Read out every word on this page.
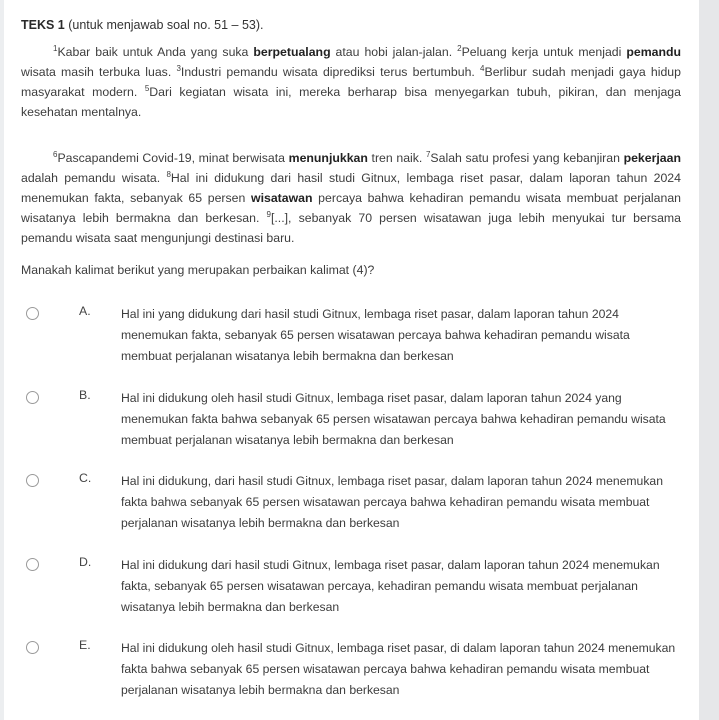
TEKS 1 (untuk menjawab soal no. 51 – 53).
$^1$Kabar baik untuk Anda yang suka berpetualang atau hobi jalan-jalan. $^2$Peluang kerja untuk menjadi pemandu wisata masih terbuka luas. $^3$Industri pemandu wisata diprediksi terus bertumbuh. $^4$Berlibur sudah menjadi gaya hidup masyarakat modern. $^5$Dari kegiatan wisata ini, mereka berharap bisa menyegarkan tubuh, pikiran, dan menjaga kesehatan mentalnya.
$^6$Pascapandemi Covid-19, minat berwisata menunjukkan tren naik. $^7$Salah satu profesi yang kebanjiran pekerjaan adalah pemandu wisata. $^8$Hal ini didukung dari hasil studi Gitnux, lembaga riset pasar, dalam laporan tahun 2024 menemukan fakta, sebanyak 65 persen wisatawan percaya bahwa kehadiran pemandu wisata membuat perjalanan wisatanya lebih bermakna dan berkesan. $^9$[...], sebanyak 70 persen wisatawan juga lebih menyukai tur bersama pemandu wisata saat mengunjungi destinasi baru.
Manakah kalimat berikut yang merupakan perbaikan kalimat (4)?
A. Hal ini yang didukung dari hasil studi Gitnux, lembaga riset pasar, dalam laporan tahun 2024 menemukan fakta, sebanyak 65 persen wisatawan percaya bahwa kehadiran pemandu wisata membuat perjalanan wisatanya lebih bermakna dan berkesan
B. Hal ini didukung oleh hasil studi Gitnux, lembaga riset pasar, dalam laporan tahun 2024 yang menemukan fakta bahwa sebanyak 65 persen wisatawan percaya bahwa kehadiran pemandu wisata membuat perjalanan wisatanya lebih bermakna dan berkesan
C. Hal ini didukung, dari hasil studi Gitnux, lembaga riset pasar, dalam laporan tahun 2024 menemukan fakta bahwa sebanyak 65 persen wisatawan percaya bahwa kehadiran pemandu wisata membuat perjalanan wisatanya lebih bermakna dan berkesan
D. Hal ini didukung dari hasil studi Gitnux, lembaga riset pasar, dalam laporan tahun 2024 menemukan fakta, sebanyak 65 persen wisatawan percaya, kehadiran pemandu wisata membuat perjalanan wisatanya lebih bermakna dan berkesan
E. Hal ini didukung oleh hasil studi Gitnux, lembaga riset pasar, di dalam laporan tahun 2024 menemukan fakta bahwa sebanyak 65 persen wisatawan percaya bahwa kehadiran pemandu wisata membuat perjalanan wisatanya lebih bermakna dan berkesan
